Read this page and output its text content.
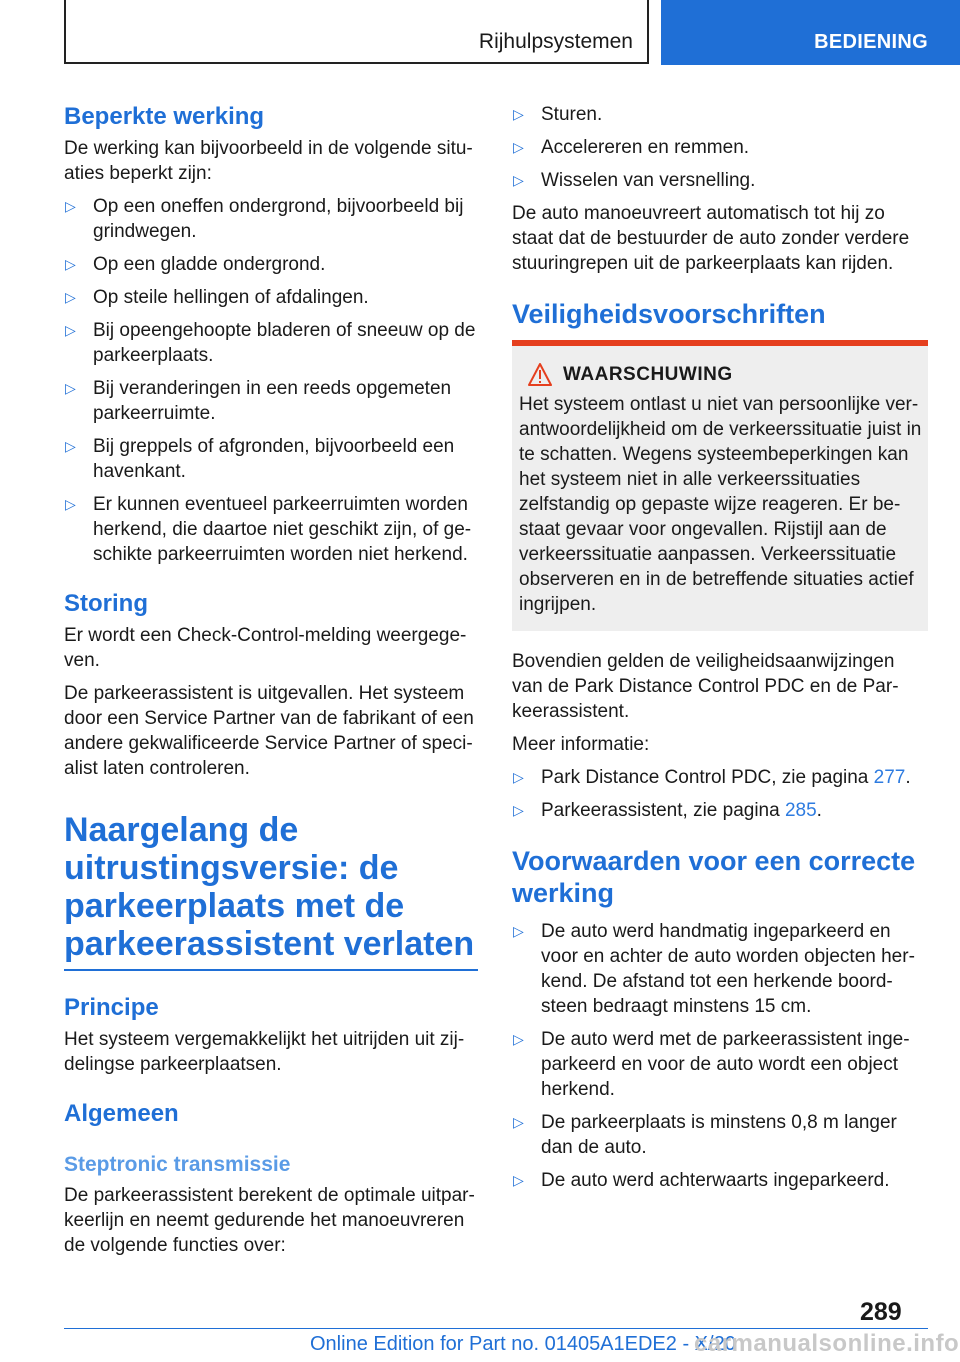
Rijhulpsystemen	BEDIENING
Beperkte werking

De werking kan bijvoorbeeld in de volgende situaties beperkt zijn:

▷ Op een oneffen ondergrond, bijvoorbeeld bij grindwegen.
▷ Op een gladde ondergrond.
▷ Op steile hellingen of afdalingen.
▷ Bij opeengehoopte bladeren of sneeuw op de parkeerplaats.
▷ Bij veranderingen in een reeds opgemeten parkeerruimte.
▷ Bij greppels of afgronden, bijvoorbeeld een havenkant.
▷ Er kunnen eventueel parkeerruimten worden herkend, die daartoe niet geschikt zijn, of geschikte parkeerruimten worden niet herkend.
Storing

Er wordt een Check-Control-melding weergegeven.

De parkeerassistent is uitgevallen. Het systeem door een Service Partner van de fabrikant of een andere gekwalificeerde Service Partner of specialist laten controleren.

Naargelang de uitrustingsversie: de parkeerplaats met de parkeerassistent verlaten
Principe

Het systeem vergemakkelijkt het uitrijden uit zijdelingse parkeerplaatsen.

Algemeen
Steptronic transmissie

De parkeerassistent berekent de optimale uitparkeerlijn en neemt gedurende het manoeuvreren de volgende functies over:

▷ Sturen.
▷ Accelereren en remmen.
▷ Wisselen van versnelling.

De auto manoeuvreert automatisch tot hij zo staat dat de bestuurder de auto zonder verdere stuuringrepen uit de parkeerplaats kan rijden.

Veiligheidsvoorschriften
WAARSCHUWING

Het systeem ontlast u niet van persoonlijke verantwoordelijkheid om de verkeerssituatie juist in te schatten. Wegens systeembeperkingen kan het systeem niet in alle verkeerssituaties zelfstandig op gepaste wijze reageren. Er bestaat gevaar voor ongevallen. Rijstijl aan de verkeerssituatie aanpassen. Verkeerssituatie observeren en in de betreffende situaties actief ingrijpen.

Bovendien gelden de veiligheidsaanwijzingen van de Park Distance Control PDC en de Parkeerassistent.

Meer informatie:

▷ Park Distance Control PDC, zie pagina 277.
▷ Parkeerassistent, zie pagina 285.
Voorwaarden voor een correcte werking
▷ De auto werd handmatig ingeparkeerd en voor en achter de auto worden objecten herkend. De afstand tot een herkende boordsteen bedraagt minstens 15 cm.
▷ De auto werd met de parkeerassistent ingeparkeerd en voor de auto wordt een object herkend.
▷ De parkeerplaats is minstens 0,8 m langer dan de auto.
▷ De auto werd achterwaarts ingeparkeerd.
289
Online Edition for Part no. 01405A1EDE2 - X/20
carmanualsonline.info
